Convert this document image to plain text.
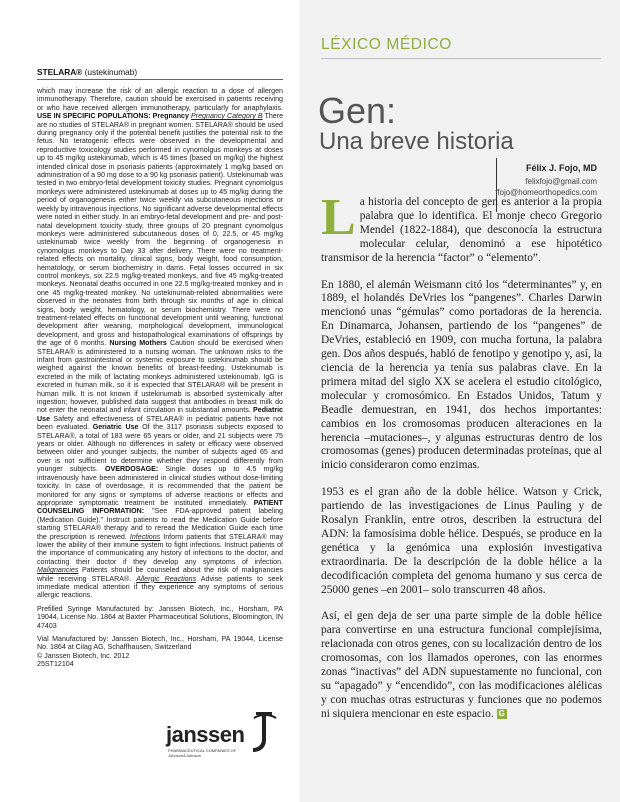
STELARA® (ustekinumab)

which may increase the risk of an allergic reaction to a dose of allergen immunotherapy. Therefore, caution should be exercised in patients receiving or who have received allergen immunotherapy, particularly for anaphylaxis. USE IN SPECIFIC POPULATIONS: Pregnancy Pregnancy Category B There are no studies of STELARA® in pregnant women. STELARA® should be used during pregnancy only if the potential benefit justifies the potential risk to the fetus. No teratogenic effects were observed in the developmental and reproductive toxicology studies performed in cynomolgus monkeys at doses up to 45 mg/kg ustekinumab, which is 45 times (based on mg/kg) the highest intended clinical dose in psoriasis patients (approximately 1 mg/kg based on administration of a 90 mg dose to a 90 kg psoriasis patient). Ustekinumab was tested in two embryo-fetal development toxicity studies. Pregnant cynomolgus monkeys were administered ustekinumab at doses up to 45 mg/kg during the period of organogenesis either twice weekly via subcutaneous injections or weekly by intravenous injections. No significant adverse developmental effects were noted in either study. In an embryo-fetal development and pre- and post-natal development toxicity study, three groups of 20 pregnant cynomolgus monkeys were administered subcutaneous doses of 0, 22.5, or 45 mg/kg ustekinumab twice weekly from the beginning of organogenesis in cynomolgus monkeys to Day 33 after delivery. There were no treatment-related effects on mortality, clinical signs, body weight, food consumption, hematology, or serum biochemistry in dams. Fetal losses occurred in six control monkeys, six 22.5 mg/kg-treated monkeys, and five 45 mg/kg-treated monkeys. Neonatal deaths occurred in one 22.5 mg/kg-treated monkey and in one 45 mg/kg-treated monkey. No ustekinumab-related abnormalities were observed in the neonates from birth through six months of age in clinical signs, body weight, hematology, or serum biochemistry. There were no treatment-related effects on functional development until weaning, functional development after weaning, morphological development, immunological development, and gross and histopathological examinations of offsprings by the age of 6 months. Nursing Mothers Caution should be exercised when STELARA® is administered to a nursing woman. The unknown risks to the infant from gastrointestinal or systemic exposure to ustekinumab should be weighed against the known benefits of breast-feeding. Ustekinumab is excreted in the milk of lactating monkeys administered ustekinumab. IgG is excreted in human milk, so it is expected that STELARA® will be present in human milk. It is not known if ustekinumab is absorbed systemically after ingestion; however, published data suggest that antibodies in breast milk do not enter the neonatal and infant circulation in substantial amounts. Pediatric Use Safety and effectiveness of STELARA® in pediatric patients have not been evaluated. Geriatric Use Of the 3117 psoriasis subjects exposed to STELARA®, a total of 183 were 65 years or older, and 21 subjects were 75 years or older. Although no differences in safety or efficacy were observed between older and younger subjects, the number of subjects aged 65 and over is not sufficient to determine whether they respond differently from younger subjects. OVERDOSAGE: Single doses up to 4.5 mg/kg intravenously have been administered in clinical studies without dose-limiting toxicity. In case of overdosage, it is recommended that the patient be monitored for any signs or symptoms of adverse reactions or effects and appropriate symptomatic treatment be instituted immediately. PATIENT COUNSELING INFORMATION: "See FDA-approved patient labeling (Medication Guide)." Instruct patients to read the Medication Guide before starting STELARA® therapy and to reread the Medication Guide each time the prescription is renewed. Infections Inform patients that STELARA® may lower the ability of their immune system to fight infections. Instruct patients of the importance of communicating any history of infections to the doctor, and contacting their doctor if they develop any symptoms of infection. Malignancies Patients should be counseled about the risk of malignancies while receiving STELARA®. Allergic Reactions Advise patients to seek immediate medical attention if they experience any symptoms of serious allergic reactions.

Prefilled Syringe Manufactured by: Janssen Biotech, Inc., Horsham, PA 19044, License No. 1864 at Baxter Pharmaceutical Solutions, Bloomington, IN 47403

Vial Manufactured by: Janssen Biotech, Inc., Horsham, PA 19044, License No. 1864 at Cilag AG, Schaffhausen, Switzerland

© Janssen Biotech, Inc. 2012

25ST12104

janssen
PHARMACEUTICAL COMPANIES OF Johnson&Johnson
LÉXICO MÉDICO
Gen:
Una breve historia
Félix J. Fojo, MD
felixfojo@gmail.com
ffojo@homeorthopedics.com

La historia del concepto de gen es anterior a la propia palabra que lo identifica. El monje checo Gregorio Mendel (1822-1884), que desconocía la estructura molecular celular, denominó a ese hipotético transmisor de la herencia “factor” o “elemento”.

En 1880, el alemán Weismann citó los “determinantes” y, en 1889, el holandés DeVries los “pangenes”. Charles Darwin mencionó unas “gémulas” como portadoras de la herencia. En Dinamarca, Johansen, partiendo de los “pangenes” de DeVries, estableció en 1909, con mucha fortuna, la palabra gen. Dos años después, habló de fenotipo y genotipo y, así, la ciencia de la herencia ya tenía sus palabras clave. En la primera mitad del siglo XX se acelera el estudio citológico, molecular y cromosómico. En Estados Unidos, Tatum y Beadle demuestran, en 1941, dos hechos importantes: cambios en los cromosomas producen alteraciones en la herencia –mutaciones–, y algunas estructuras dentro de los cromosomas (genes) producen determinadas proteínas, que al inicio consideraron como enzimas.

1953 es el gran año de la doble hélice. Watson y Crick, partiendo de las investigaciones de Linus Pauling y de Rosalyn Franklin, entre otros, describen la estructura del ADN: la famosísima doble hélice. Después, se produce en la genética y la genómica una explosión investigativa extraordinaria. De la descripción de la doble hélice a la decodificación completa del genoma humano y sus cerca de 25000 genes –en 2001– solo transcurren 48 años.

Así, el gen deja de ser una parte simple de la doble hélice para convertirse en una estructura funcional complejísima, relacionada con otros genes, con su localización dentro de los cromosomas, con los llamados operones, con las enormes zonas “inactivas” del ADN supuestamente no funcional, con su “apagado” y “encendido”, con las modificaciones alélicas y con muchas otras estructuras y funciones que no podemos ni siquiera mencionar en este espacio. G
